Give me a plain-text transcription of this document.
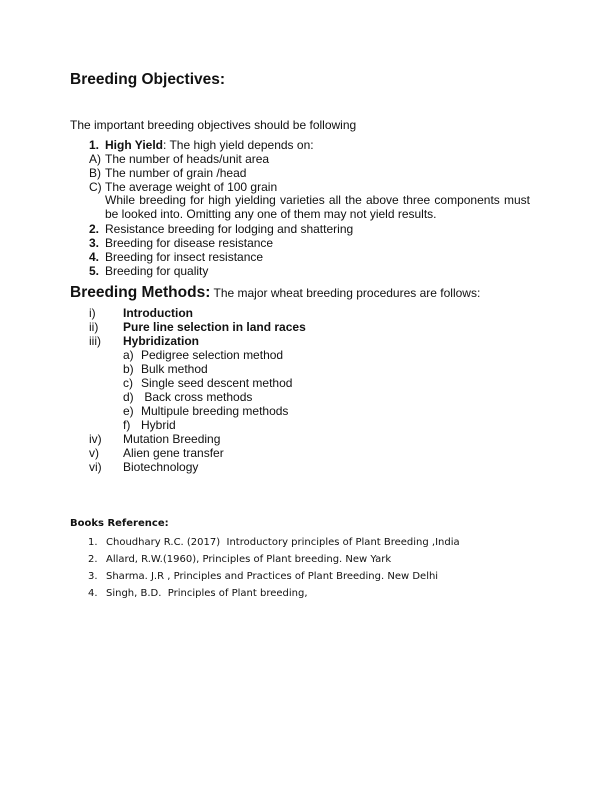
Breeding Objectives:
The important breeding objectives should be following
1. High Yield: The high yield depends on:
A) The number of heads/unit area
B) The number of grain /head
C) The average weight of 100 grain
While breeding for high yielding varieties all the above three components must be looked into. Omitting any one of them may not yield results.
2. Resistance breeding for lodging and shattering
3. Breeding for disease resistance
4. Breeding for insect resistance
5. Breeding for quality
Breeding Methods: The major wheat breeding procedures are follows:
i) Introduction
ii) Pure line selection in land races
iii) Hybridization
a) Pedigree selection method
b) Bulk method
c) Single seed descent method
d) Back cross methods
e) Multipule breeding methods
f) Hybrid
iv) Mutation Breeding
v) Alien gene transfer
vi) Biotechnology
Books Reference:
1. Choudhary R.C. (2017)  Introductory principles of Plant Breeding ,India
2. Allard, R.W.(1960), Principles of Plant breeding. New Yark
3. Sharma. J.R , Principles and Practices of Plant Breeding. New Delhi
4. Singh, B.D.  Principles of Plant breeding,
